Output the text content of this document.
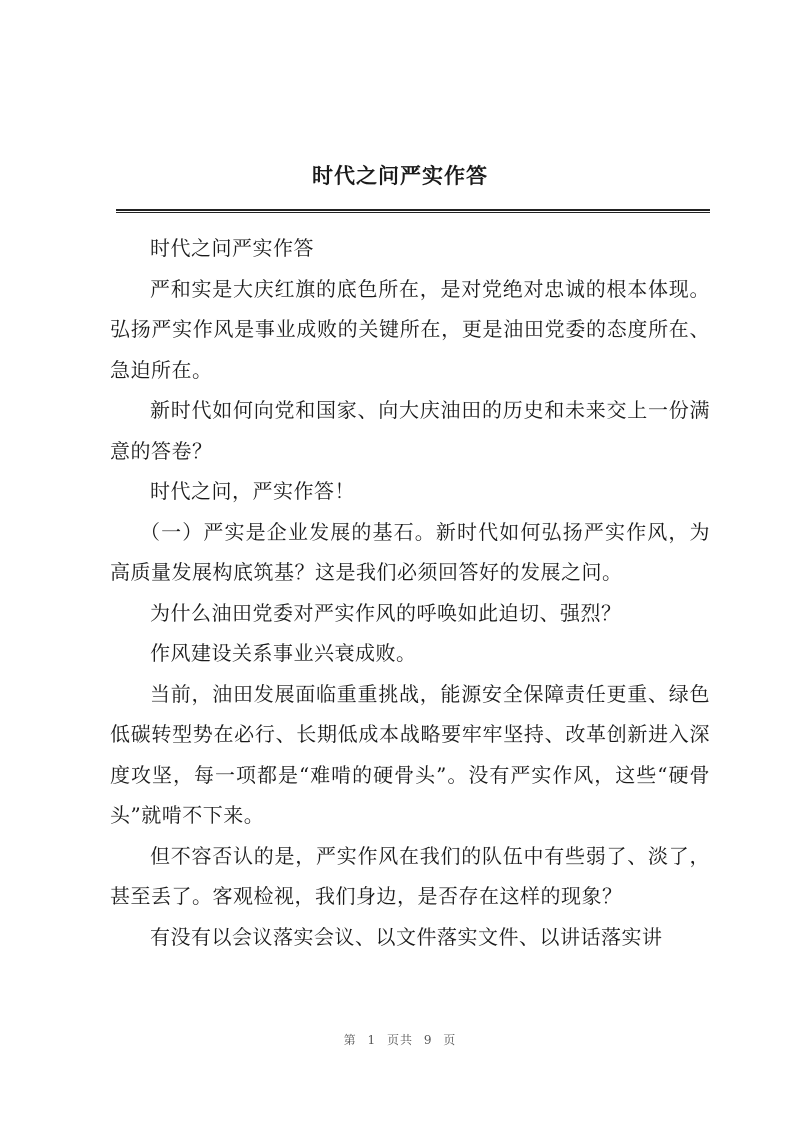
时代之问严实作答

时代之问严实作答

严和实是大庆红旗的底色所在，是对党绝对忠诚的根本体现。弘扬严实作风是事业成败的关键所在，更是油田党委的态度所在、急迫所在。

新时代如何向党和国家、向大庆油田的历史和未来交上一份满意的答卷？

时代之问，严实作答！

（一）严实是企业发展的基石。新时代如何弘扬严实作风，为高质量发展构底筑基？这是我们必须回答好的发展之问。

为什么油田党委对严实作风的呼唤如此迫切、强烈？

作风建设关系事业兴衰成败。

当前，油田发展面临重重挑战，能源安全保障责任更重、绿色低碳转型势在必行、长期低成本战略要牢牢坚持、改革创新进入深度攻坚，每一项都是“难啃的硬骨头”。没有严实作风，这些“硬骨头”就啃不下来。

但不容否认的是，严实作风在我们的队伍中有些弱了、淡了，甚至丢了。客观检视，我们身边，是否存在这样的现象？

有没有以会议落实会议、以文件落实文件、以讲话落实讲

第 1 页共 9 页
